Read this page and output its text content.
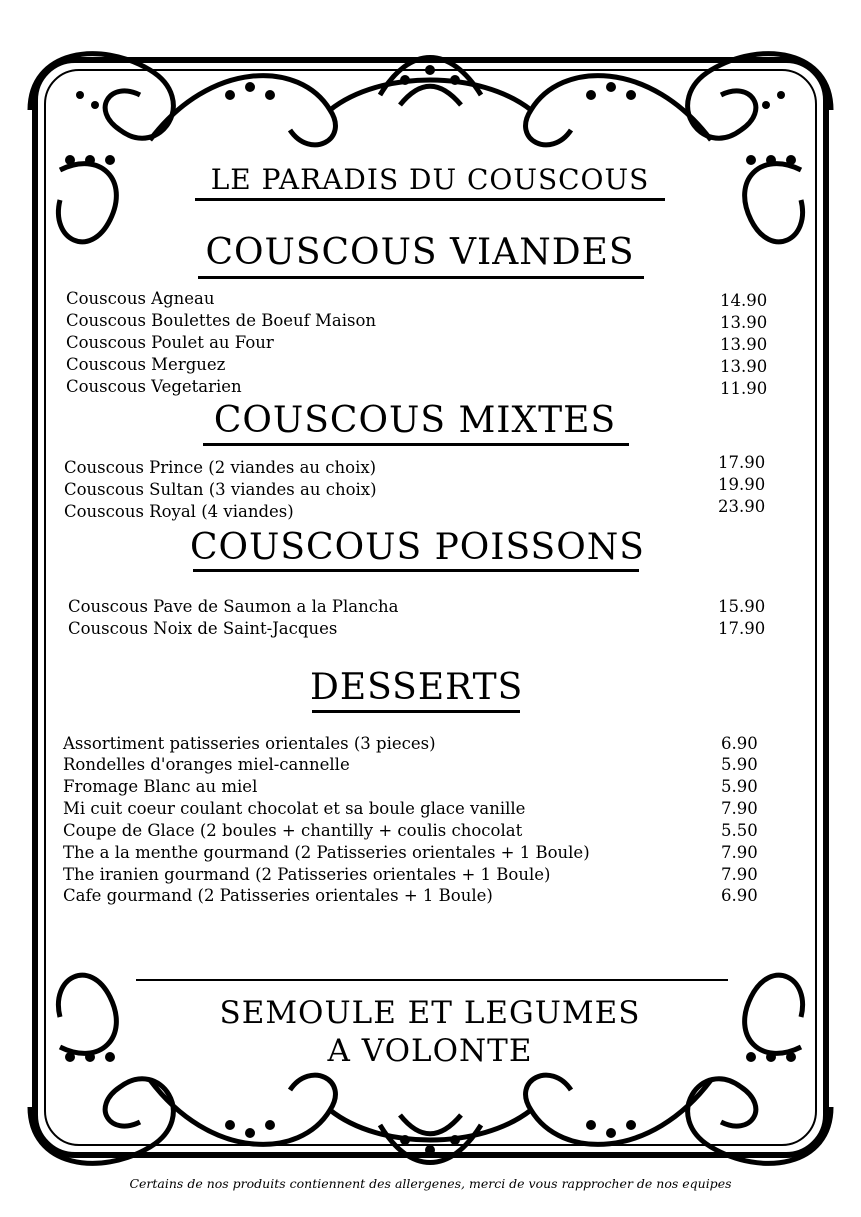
LE PARADIS DU COUSCOUS
COUSCOUS VIANDES
Couscous Agneau	14.90
Couscous Boulettes de Boeuf Maison	13.90
Couscous Poulet au Four	13.90
Couscous Merguez	13.90
Couscous Vegetarien	11.90
COUSCOUS MIXTES
Couscous Prince (2 viandes au choix)	17.90
Couscous Sultan (3 viandes au choix)	19.90
Couscous Royal (4 viandes)	23.90
COUSCOUS POISSONS
Couscous Pave de Saumon a la Plancha	15.90
Couscous Noix de Saint-Jacques	17.90
DESSERTS
Assortiment patisseries orientales (3 pieces)	6.90
Rondelles d'oranges miel-cannelle	5.90
Fromage Blanc au miel	5.90
Mi cuit coeur coulant chocolat et sa boule glace vanille	7.90
Coupe de Glace (2 boules + chantilly + coulis chocolat	5.50
The a la menthe gourmand (2 Patisseries orientales + 1 Boule)	7.90
The iranien gourmand (2 Patisseries orientales + 1 Boule)	7.90
Cafe gourmand (2 Patisseries orientales + 1 Boule)	6.90
SEMOULE ET LEGUMES
A VOLONTE
Certains de nos produits contiennent des allergenes, merci de vous rapprocher de nos equipes
